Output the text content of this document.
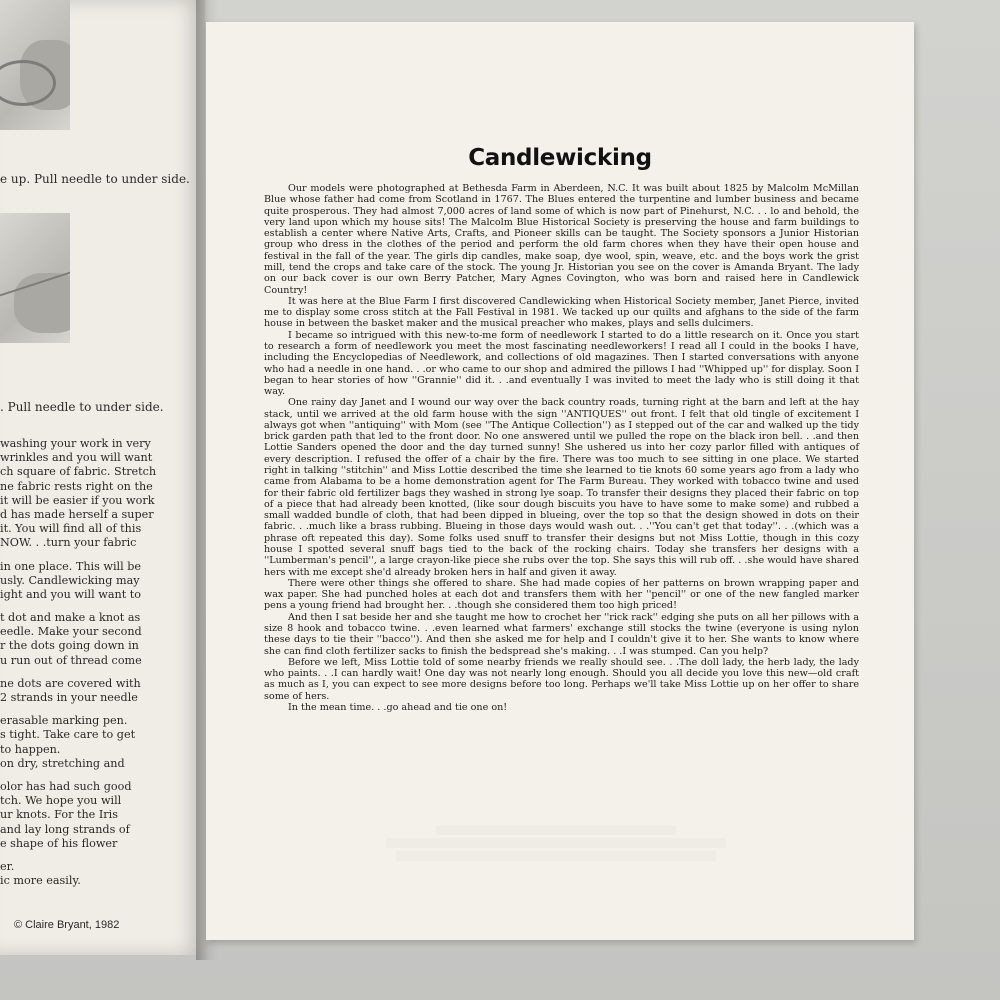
e up. Pull needle to under side.
. Pull needle to under side.
washing your work in very
wrinkles and you will want
ch square of fabric. Stretch
ne fabric rests right on the
it will be easier if you work
d has made herself a super
it. You will find all of this
NOW. . .turn your fabric
in one place. This will be
usly. Candlewicking may
ight and you will want to
t dot and make a knot as
eedle. Make your second
r the dots going down in
u run out of thread come
ne dots are covered with
2 strands in your needle
erasable marking pen.
s tight. Take care to get
to happen.
on dry, stretching and
olor has had such good
tch. We hope you will
ur knots. For the Iris
and lay long strands of
e shape of his flower
er.
ic more easily.
© Claire Bryant, 1982
Candlewicking

Our models were photographed at Bethesda Farm in Aberdeen, N.C. It was built about 1825 by Malcolm McMillan Blue whose father had come from Scotland in 1767. The Blues entered the turpentine and lumber business and became quite prosperous. They had almost 7,000 acres of land some of which is now part of Pinehurst, N.C. . . lo and behold, the very land upon which my house sits! The Malcolm Blue Historical Society is preserving the house and farm buildings to establish a center where Native Arts, Crafts, and Pioneer skills can be taught. The Society sponsors a Junior Historian group who dress in the clothes of the period and perform the old farm chores when they have their open house and festival in the fall of the year. The girls dip candles, make soap, dye wool, spin, weave, etc. and the boys work the grist mill, tend the crops and take care of the stock. The young Jr. Historian you see on the cover is Amanda Bryant. The lady on our back cover is our own Berry Patcher, Mary Agnes Covington, who was born and raised here in Candlewick Country!

It was here at the Blue Farm I first discovered Candlewicking when Historical Society member, Janet Pierce, invited me to display some cross stitch at the Fall Festival in 1981. We tacked up our quilts and afghans to the side of the farm house in between the basket maker and the musical preacher who makes, plays and sells dulcimers.

I became so intrigued with this new-to-me form of needlework I started to do a little research on it. Once you start to research a form of needlework you meet the most fascinating needleworkers! I read all I could in the books I have, including the Encyclopedias of Needlework, and collections of old magazines. Then I started conversations with anyone who had a needle in one hand. . .or who came to our shop and admired the pillows I had ''Whipped up'' for display. Soon I began to hear stories of how ''Grannie'' did it. . .and eventually I was invited to meet the lady who is still doing it that way.

One rainy day Janet and I wound our way over the back country roads, turning right at the barn and left at the hay stack, until we arrived at the old farm house with the sign ''ANTIQUES'' out front. I felt that old tingle of excitement I always got when ''antiquing'' with Mom (see ''The Antique Collection'') as I stepped out of the car and walked up the tidy brick garden path that led to the front door. No one answered until we pulled the rope on the black iron bell. . .and then Lottie Sanders opened the door and the day turned sunny! She ushered us into her cozy parlor filled with antiques of every description. I refused the offer of a chair by the fire. There was too much to see sitting in one place. We started right in talking ''stitchin'' and Miss Lottie described the time she learned to tie knots 60 some years ago from a lady who came from Alabama to be a home demonstration agent for The Farm Bureau. They worked with tobacco twine and used for their fabric old fertilizer bags they washed in strong lye soap. To transfer their designs they placed their fabric on top of a piece that had already been knotted, (like sour dough biscuits you have to have some to make some) and rubbed a small wadded bundle of cloth, that had been dipped in blueing, over the top so that the design showed in dots on their fabric. . .much like a brass rubbing. Blueing in those days would wash out. . .''You can't get that today''. . .(which was a phrase oft repeated this day). Some folks used snuff to transfer their designs but not Miss Lottie, though in this cozy house I spotted several snuff bags tied to the back of the rocking chairs. Today she transfers her designs with a ''Lumberman's pencil'', a large crayon-like piece she rubs over the top. She says this will rub off. . .she would have shared hers with me except she'd already broken hers in half and given it away.

There were other things she offered to share. She had made copies of her patterns on brown wrapping paper and wax paper. She had punched holes at each dot and transfers them with her ''pencil'' or one of the new fangled marker pens a young friend had brought her. . .though she considered them too high priced!

And then I sat beside her and she taught me how to crochet her ''rick rack'' edging she puts on all her pillows with a size 8 hook and tobacco twine. . .even learned what farmers' exchange still stocks the twine (everyone is using nylon these days to tie their ''bacco''). And then she asked me for help and I couldn't give it to her. She wants to know where she can find cloth fertilizer sacks to finish the bedspread she's making. . .I was stumped. Can you help?

Before we left, Miss Lottie told of some nearby friends we really should see. . .The doll lady, the herb lady, the lady who paints. . .I can hardly wait! One day was not nearly long enough. Should you all decide you love this new—old craft as much as I, you can expect to see more designs before too long. Perhaps we'll take Miss Lottie up on her offer to share some of hers.

In the mean time. . .go ahead and tie one on!
